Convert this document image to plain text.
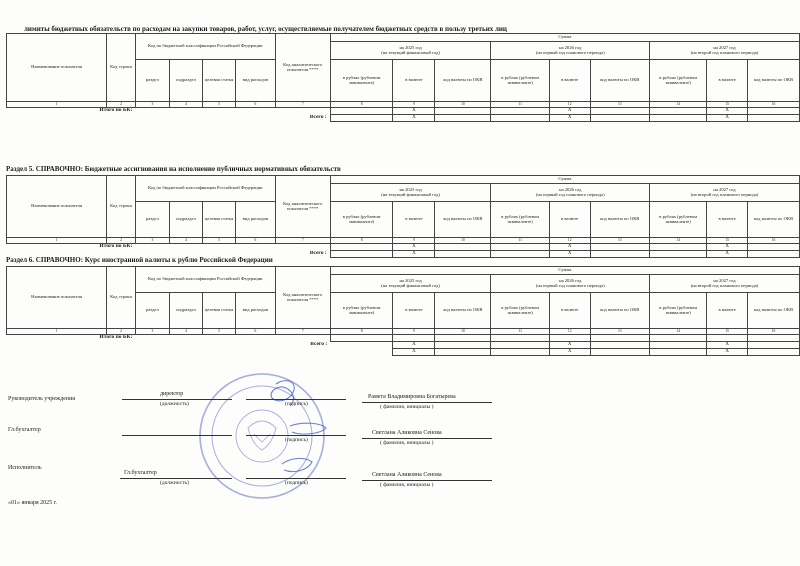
лимиты бюджетных обязательств по расходам на закупки товаров, работ, услуг, осуществляемые получателем бюджетных средств в пользу третьих лиц
Наименование показателя	Код строки	Код по бюджетной классификации Российской Федерации				Код аналитического показателя ****	Сумма								
							на 2025 год
(на текущий финансовый год)			на 2026 год
(на первый год планового периода)			на 2027 год
(на второй год планового периода)		
		раздел	подраздел	целевая статья	вид расходов		в рублях (рублевом эквиваленте)	в валюте	код валюты по ОКВ	в рублях (рублевом эквиваленте)	в валюте	код валюты по ОКВ	в рублях (рублевом эквиваленте)	в валюте	код валюты по ОКВ
1	2	3	4	5	6	7	8	9	10	11	12	13	14	15	16
Итого по БК:								X			X			X	
Всего :								X			X			X	
Раздел 5. СПРАВОЧНО: Бюджетные ассигнования на исполнение публичных нормативных обязательств
Наименование показателя	Код строки	Код по бюджетной классификации Российской Федерации				Код аналитического показателя ****	Сумма								
							на 2025 год
(на текущий финансовый год)			на 2026 год
(на первый год планового периода)			на 2027 год
(на второй год планового периода)		
		раздел	подраздел	целевая статья	вид расходов		в рублях (рублевом эквиваленте)	в валюте	код валюты по ОКВ	в рублях (рублевом эквиваленте)	в валюте	код валюты по ОКВ	в рублях (рублевом эквиваленте)	в валюте	код валюты по ОКВ
1	2	3	4	5	6	7	8	9	10	11	12	13	14	15	16
Итого по БК:								X			X			X	
Всего :								X			X			X	
Раздел 6. СПРАВОЧНО: Курс иностранной валюты к рублю Российской Федерации
Наименование показателя	Код строки	Код по бюджетной классификации Российской Федерации				Код аналитического показателя ****	Сумма								
							на 2025 год
(на текущий финансовый год)			на 2026 год
(на первый год планового периода)			на 2027 год
(на второй год планового периода)		
		раздел	подраздел	целевая статья	вид расходов		в рублях (рублевом эквиваленте)	в валюте	код валюты по ОКВ	в рублях (рублевом эквиваленте)	в валюте	код валюты по ОКВ	в рублях (рублевом эквиваленте)	в валюте	код валюты по ОКВ
1	2	3	4	5	6	7	8	9	10	11	12	13	14	15	16
Итого по БК:															
Всего :								X			X			X	
								X			X			X	
Руководитель учреждения
директор
(должность)	(подпись)
Рамета Владимировна Богатырева
( фамилия, инициалы )
Гл.бухгалтер
(подпись)
Светлана Аликовна Сенова
( фамилия, инициалы )
Исполнитель
Гл.бухгалтер
(должность)	(подпись)
Светлана Аликовна Сенова
( фамилия, инициалы )
«01» января 2025 г.
